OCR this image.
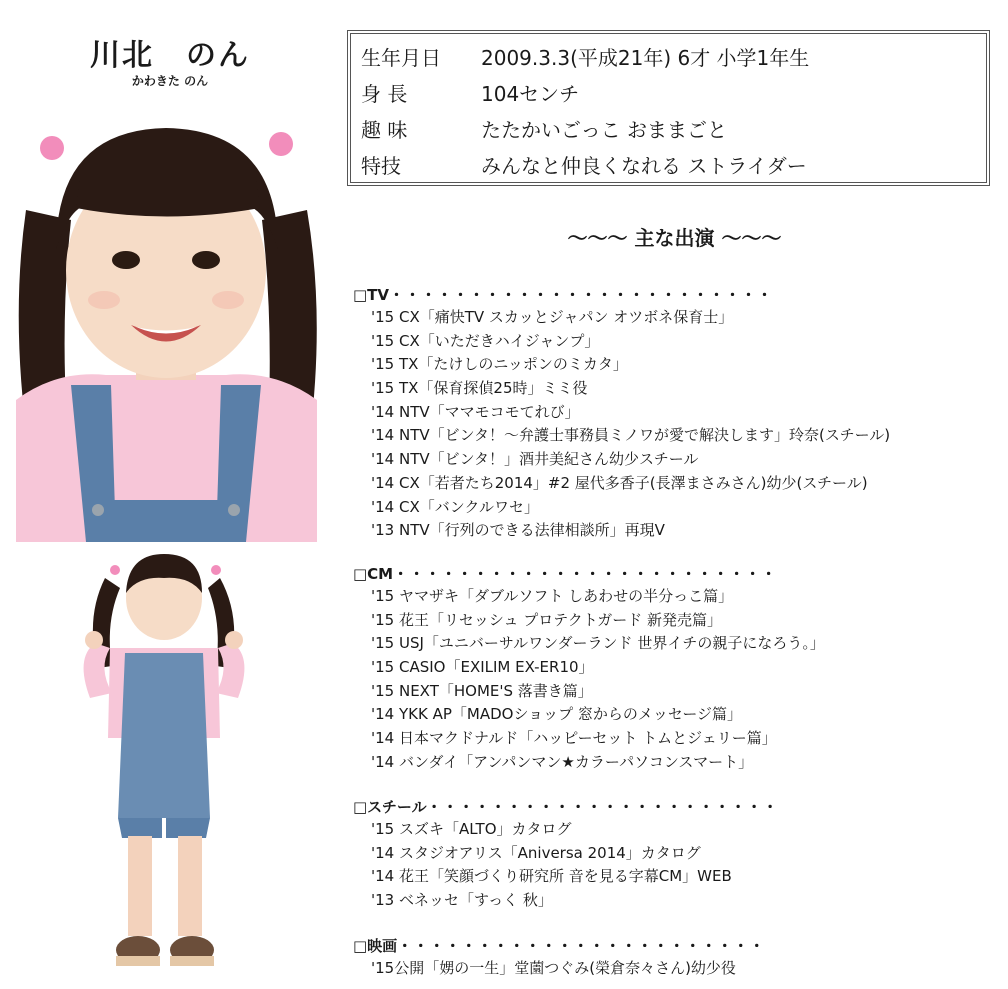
川北　のん
かわきた のん
生年月日	2009.3.3(平成21年) 6才 小学1年生
身 長	104センチ
趣 味	たたかいごっこ おままごと
特技	みんなと仲良くなれる ストライダー
～～～ 主な出演 ～～～
□TV・・・・・・・・・・・・・・・・・・・・・・・・
'15 CX「痛快TV スカッとジャパン オツボネ保育士」
'15 CX「いただきハイジャンプ」
'15 TX「たけしのニッポンのミカタ」
'15 TX「保育探偵25時」ミミ役
'14 NTV「ママモコモてれび」
'14 NTV「ビンタ！～弁護士事務員ミノワが愛で解決します」玲奈(スチール)
'14 NTV「ビンタ！」酒井美紀さん幼少スチール
'14 CX「若者たち2014」#2 屋代多香子(長澤まさみさん)幼少(スチール)
'14 CX「バンクルワセ」
'13 NTV「行列のできる法律相談所」再現V
□CM・・・・・・・・・・・・・・・・・・・・・・・・
'15 ヤマザキ「ダブルソフト しあわせの半分っこ篇」
'15 花王「リセッシュ プロテクトガード 新発売篇」
'15 USJ「ユニバーサルワンダーランド 世界イチの親子になろう。」
'15 CASIO「EXILIM EX-ER10」
'15 NEXT「HOME'S 落書き篇」
'14 YKK AP「MADOショップ 窓からのメッセージ篇」
'14 日本マクドナルド「ハッピーセット トムとジェリー篇」
'14 バンダイ「アンパンマン★カラーパソコンスマート」
□スチール・・・・・・・・・・・・・・・・・・・・・・
'15 スズキ「ALTO」カタログ
'14 スタジオアリス「Aniversa 2014」カタログ
'14 花王「笑顔づくり研究所 音を見る字幕CM」WEB
'13 ベネッセ「すっく 秋」
□映画・・・・・・・・・・・・・・・・・・・・・・・
'15公開「娚の一生」堂薗つぐみ(榮倉奈々さん)幼少役
